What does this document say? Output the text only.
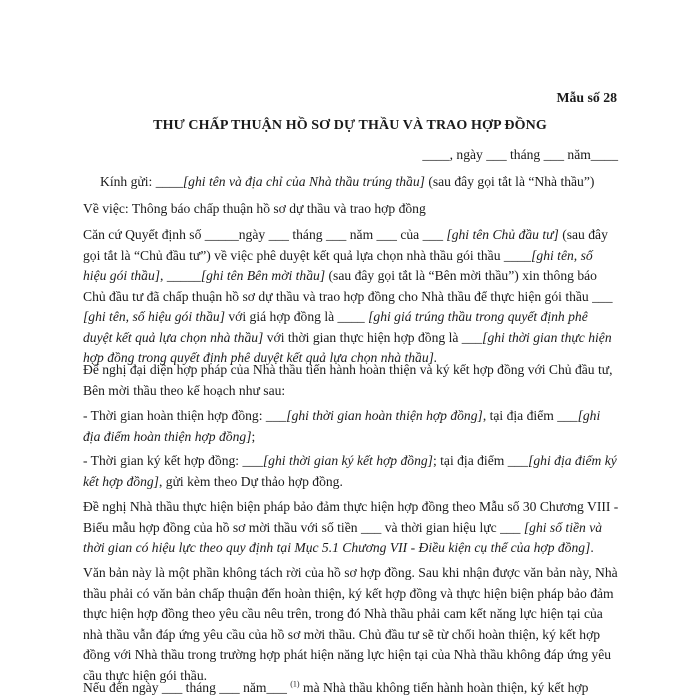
Mẫu số 28
THƯ CHẤP THUẬN HỒ SƠ DỰ THẦU VÀ TRAO HỢP ĐỒNG
____, ngày ___ tháng ___ năm____
Kính gửi: ____[ghi tên và địa chỉ của Nhà thầu trúng thầu] (sau đây gọi tắt là “Nhà thầu”)
Về việc: Thông báo chấp thuận hồ sơ dự thầu và trao hợp đồng
Căn cứ Quyết định số _____ngày ___ tháng ___ năm ___ của ___ [ghi tên Chủ đầu tư] (sau đây gọi tắt là “Chủ đầu tư”) về việc phê duyệt kết quả lựa chọn nhà thầu gói thầu ____[ghi tên, số hiệu gói thầu], _____[ghi tên Bên mời thầu] (sau đây gọi tắt là “Bên mời thầu”) xin thông báo Chủ đầu tư đã chấp thuận hồ sơ dự thầu và trao hợp đồng cho Nhà thầu để thực hiện gói thầu ___ [ghi tên, số hiệu gói thầu] với giá hợp đồng là ____ [ghi giá trúng thầu trong quyết định phê duyệt kết quả lựa chọn nhà thầu] với thời gian thực hiện hợp đồng là ___[ghi thời gian thực hiện hợp đồng trong quyết định phê duyệt kết quả lựa chọn nhà thầu].
Đề nghị đại diện hợp pháp của Nhà thầu tiến hành hoàn thiện và ký kết hợp đồng với Chủ đầu tư, Bên mời thầu theo kế hoạch như sau:
- Thời gian hoàn thiện hợp đồng: ___[ghi thời gian hoàn thiện hợp đồng], tại địa điểm ___[ghi địa điểm hoàn thiện hợp đồng];
- Thời gian ký kết hợp đồng: ___[ghi thời gian ký kết hợp đồng]; tại địa điểm ___[ghi địa điểm ký kết hợp đồng], gửi kèm theo Dự thảo hợp đồng.
Đề nghị Nhà thầu thực hiện biện pháp bảo đảm thực hiện hợp đồng theo Mẫu số 30 Chương VIII - Biểu mẫu hợp đồng của hồ sơ mời thầu với số tiền ___ và thời gian hiệu lực ___ [ghi số tiền và thời gian có hiệu lực theo quy định tại Mục 5.1 Chương VII - Điều kiện cụ thể của hợp đồng].
Văn bản này là một phần không tách rời của hồ sơ hợp đồng. Sau khi nhận được văn bản này, Nhà thầu phải có văn bản chấp thuận đến hoàn thiện, ký kết hợp đồng và thực hiện biện pháp bảo đảm thực hiện hợp đồng theo yêu cầu nêu trên, trong đó Nhà thầu phải cam kết năng lực hiện tại của nhà thầu vẫn đáp ứng yêu cầu của hồ sơ mời thầu. Chủ đầu tư sẽ từ chối hoàn thiện, ký kết hợp đồng với Nhà thầu trong trường hợp phát hiện năng lực hiện tại của Nhà thầu không đáp ứng yêu cầu thực hiện gói thầu.
Nếu đến ngày ___ tháng ___ năm___ $^{(1)}$ mà Nhà thầu không tiến hành hoàn thiện, ký kết hợp
